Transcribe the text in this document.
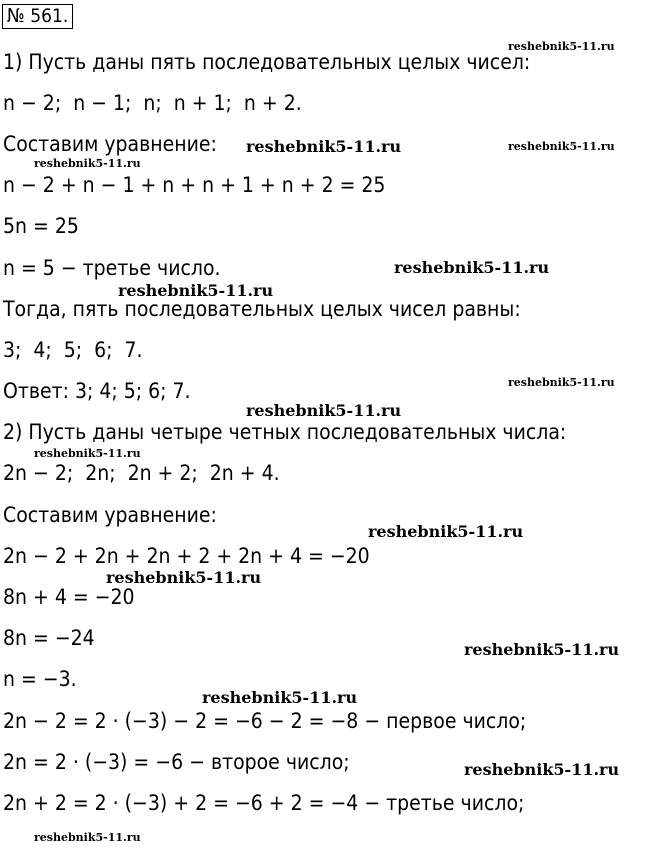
№ 561.
1) Пусть даны пять последовательных целых чисел:
n − 2;  n − 1;  n;  n + 1;  n + 2.
Составим уравнение:
n − 2 + n − 1 + n + n + 1 + n + 2 = 25
5n = 25
n = 5 − третье число.
Тогда, пять последовательных целых чисел равны:
3;  4;  5;  6;  7.
Ответ: 3; 4; 5; 6; 7.
2) Пусть даны четыре четных последовательных числа:
2n − 2;  2n;  2n + 2;  2n + 4.
Составим уравнение:
2n − 2 + 2n + 2n + 2 + 2n + 4 = −20
8n + 4 = −20
8n = −24
n = −3.
2n − 2 = 2 · (−3) − 2 = −6 − 2 = −8 − первое число;
2n = 2 · (−3) = −6 − второе число;
2n + 2 = 2 · (−3) + 2 = −6 + 2 = −4 − третье число;
reshebnik5-11.ru
reshebnik5-11.ru	reshebnik5-11.ru
reshebnik5-11.ru
reshebnik5-11.ru
reshebnik5-11.ru
reshebnik5-11.ru
reshebnik5-11.ru
reshebnik5-11.ru
reshebnik5-11.ru
reshebnik5-11.ru
reshebnik5-11.ru
reshebnik5-11.ru
reshebnik5-11.ru
reshebnik5-11.ru
